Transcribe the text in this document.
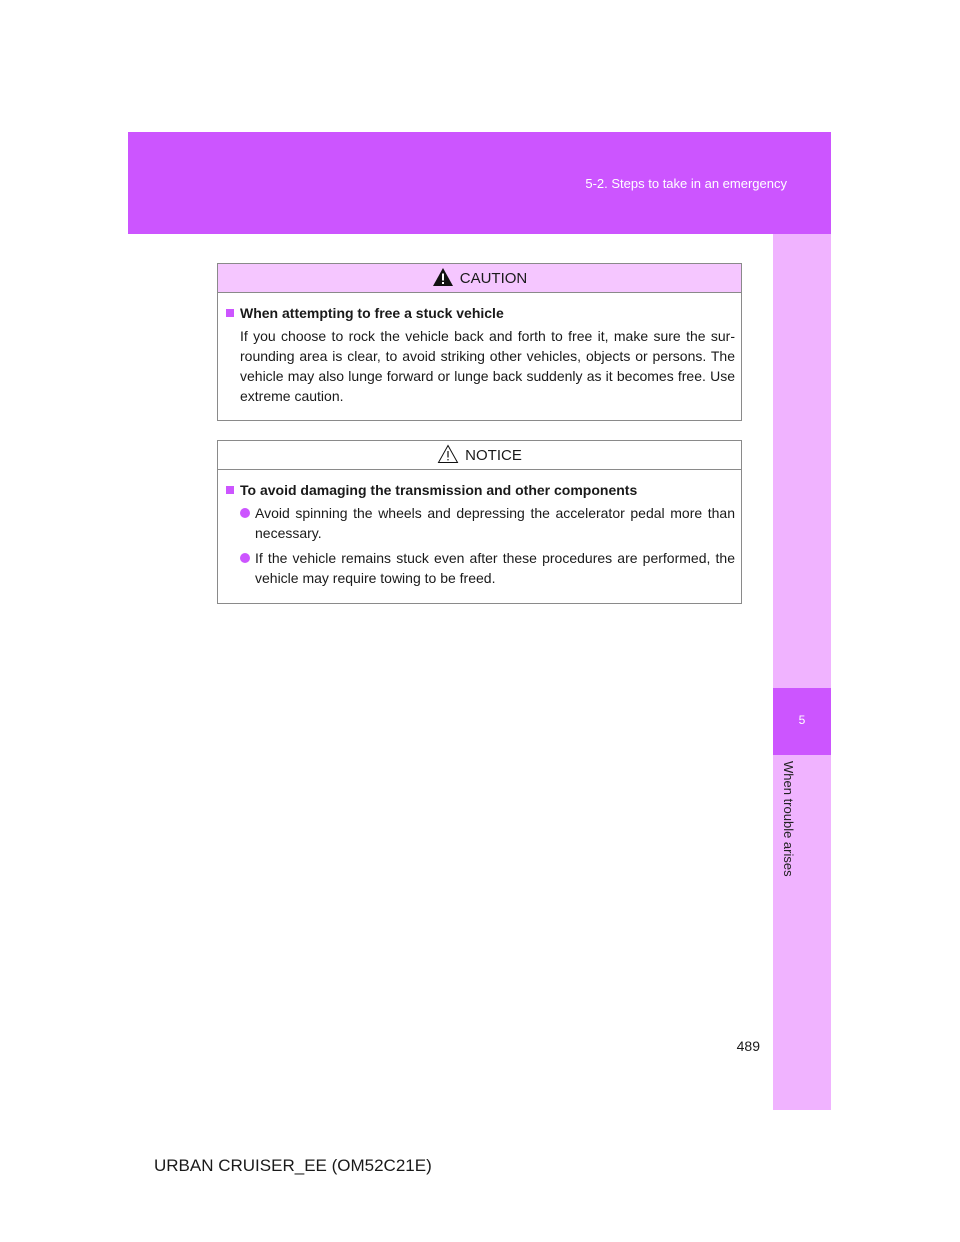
5-2. Steps to take in an emergency
5
When trouble arises
CAUTION
When attempting to free a stuck vehicle

If you choose to rock the vehicle back and forth to free it, make sure the sur-rounding area is clear, to avoid striking other vehicles, objects or persons. The vehicle may also lunge forward or lunge back suddenly as it becomes free. Use extreme caution.

NOTICE
To avoid damaging the transmission and other components
Avoid spinning the wheels and depressing the accelerator pedal more than necessary.
If the vehicle remains stuck even after these procedures are performed, the vehicle may require towing to be freed.
489
URBAN CRUISER_EE (OM52C21E)
